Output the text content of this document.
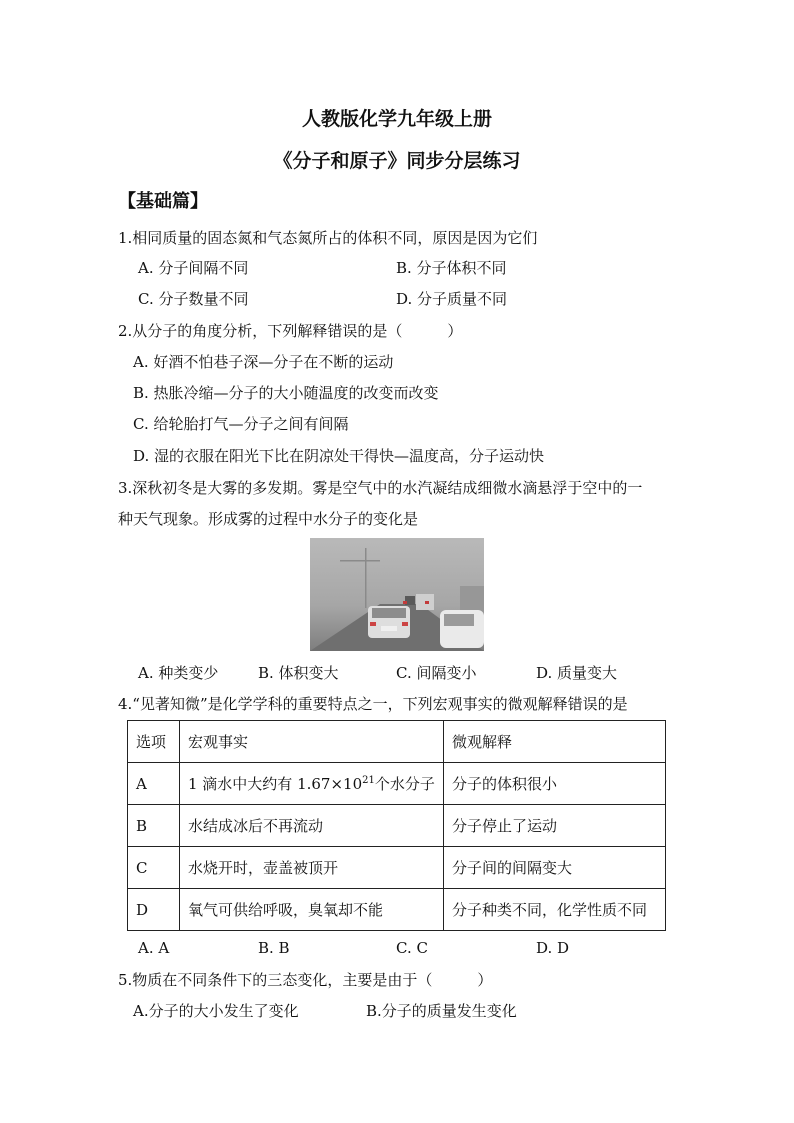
人教版化学九年级上册
《分子和原子》同步分层练习
【基础篇】
1.相同质量的固态氮和气态氮所占的体积不同，原因是因为它们
A. 分子间隔不同	B. 分子体积不同
C. 分子数量不同	D. 分子质量不同
2.从分子的角度分析，下列解释错误的是（　　　）
A. 好酒不怕巷子深—分子在不断的运动
B. 热胀冷缩—分子的大小随温度的改变而改变
C. 给轮胎打气—分子之间有间隔
D. 湿的衣服在阳光下比在阴凉处干得快—温度高，分子运动快
3.深秋初冬是大雾的多发期。雾是空气中的水汽凝结成细微水滴悬浮于空中的一
种天气现象。形成雾的过程中水分子的变化是
A. 种类变少	B. 体积变大	C. 间隔变小	D. 质量变大
4.“见著知微”是化学学科的重要特点之一，下列宏观事实的微观解释错误的是
选项	宏观事实	微观解释
A	1 滴水中大约有 $1.67\times 10^{21}$个水分子	分子的体积很小
B	水结成冰后不再流动	分子停止了运动
C	水烧开时，壶盖被顶开	分子间的间隔变大
D	氧气可供给呼吸，臭氧却不能	分子种类不同，化学性质不同
A. A	B. B	C. C	D. D
5.物质在不同条件下的三态变化，主要是由于（　　　）
A.分子的大小发生了变化	B.分子的质量发生变化
